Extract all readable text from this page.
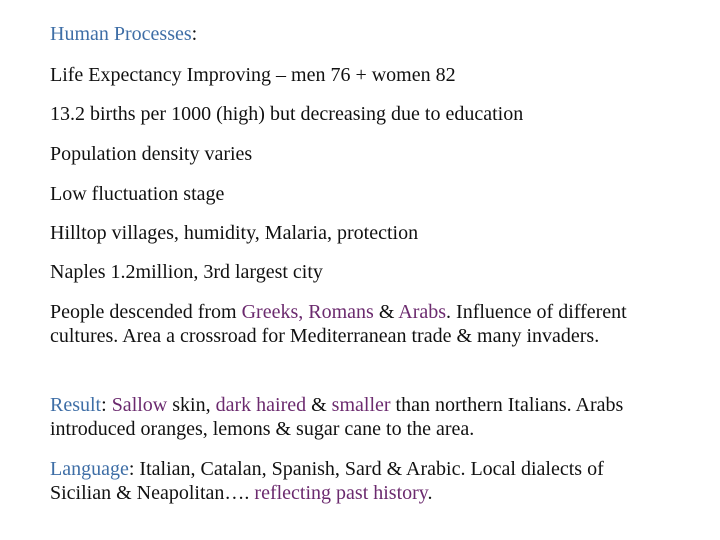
Human Processes:
Life Expectancy Improving – men 76 + women 82
13.2 births per 1000 (high) but decreasing due to education
Population density varies
Low fluctuation stage
Hilltop villages, humidity, Malaria, protection
Naples 1.2million, 3rd largest city
People descended from Greeks, Romans & Arabs. Influence of different cultures. Area a crossroad for Mediterranean trade & many invaders.
Result: Sallow skin, dark haired & smaller than northern Italians. Arabs introduced oranges, lemons & sugar cane to the area.
Language: Italian, Catalan, Spanish, Sard & Arabic. Local dialects of Sicilian & Neapolitan…. reflecting past history.
